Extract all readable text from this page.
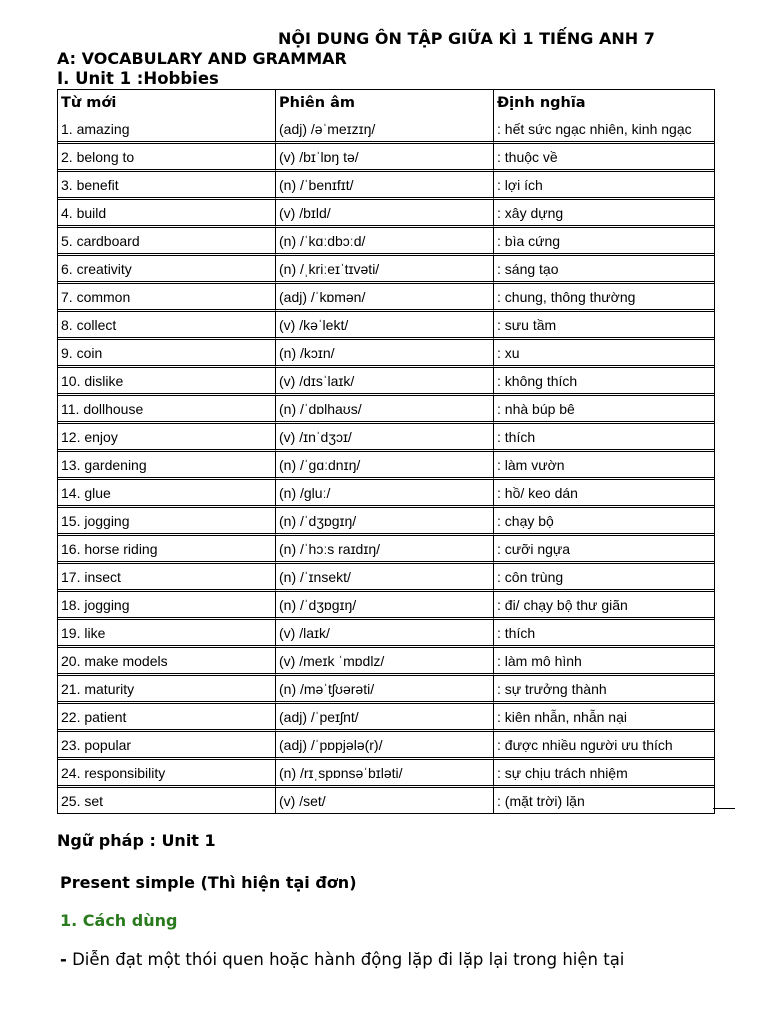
NỘI DUNG ÔN TẬP GIỮA KÌ 1 TIẾNG ANH 7
A: VOCABULARY AND GRAMMAR
I. Unit 1 :Hobbies
Từ mới	Phiên âm	Định nghĩa
1. amazing	(adj) /əˈmeɪzɪŋ/	: hết sức ngạc nhiên, kinh ngạc
2. belong to	(v) /bɪˈlɒŋ tə/	: thuộc về
3. benefit	(n) /ˈbenɪfɪt/	: lợi ích
4. build	(v) /bɪld/	: xây dựng
5. cardboard	(n) /ˈkɑːdbɔːd/	: bìa cứng
6. creativity	(n) /ˌkriːeɪˈtɪvəti/	: sáng tạo
7. common	(adj) /ˈkɒmən/	: chung, thông thường
8. collect	(v) /kəˈlekt/	: sưu tầm
9. coin	(n) /kɔɪn/	: xu
10. dislike	(v) /dɪsˈlaɪk/	: không thích
11. dollhouse	(n) /ˈdɒlhaʊs/	: nhà búp bê
12. enjoy	(v) /ɪnˈdʒɔɪ/	: thích
13. gardening	(n) /ˈɡɑːdnɪŋ/	: làm vườn
14. glue	(n) /ɡluː/	: hồ/ keo dán
15. jogging	(n) /ˈdʒɒɡɪŋ/	: chạy bộ
16. horse riding	(n) /ˈhɔːs raɪdɪŋ/	: cưỡi ngựa
17. insect	(n) /ˈɪnsekt/	: côn trùng
18. jogging	(n) /ˈdʒɒɡɪŋ/	: đi/ chạy bộ thư giãn
19. like	(v) /laɪk/	: thích
20. make models	(v) /meɪk ˈmɒdlz/	: làm mô hình
21. maturity	(n) /məˈtʃʊərəti/	: sự trưởng thành
22. patient	(adj) /ˈpeɪʃnt/	: kiên nhẫn, nhẫn nại
23. popular	(adj) /ˈpɒpjələ(r)/	: được nhiều người ưu thích
24. responsibility	(n) /rɪˌspɒnsəˈbɪləti/	: sự chịu trách nhiệm
25. set	(v) /set/	: (mặt trời) lặn
Ngữ pháp : Unit 1
Present simple (Thì hiện tại đơn)
1. Cách dùng
- Diễn đạt một thói quen hoặc hành động lặp đi lặp lại trong hiện tại
